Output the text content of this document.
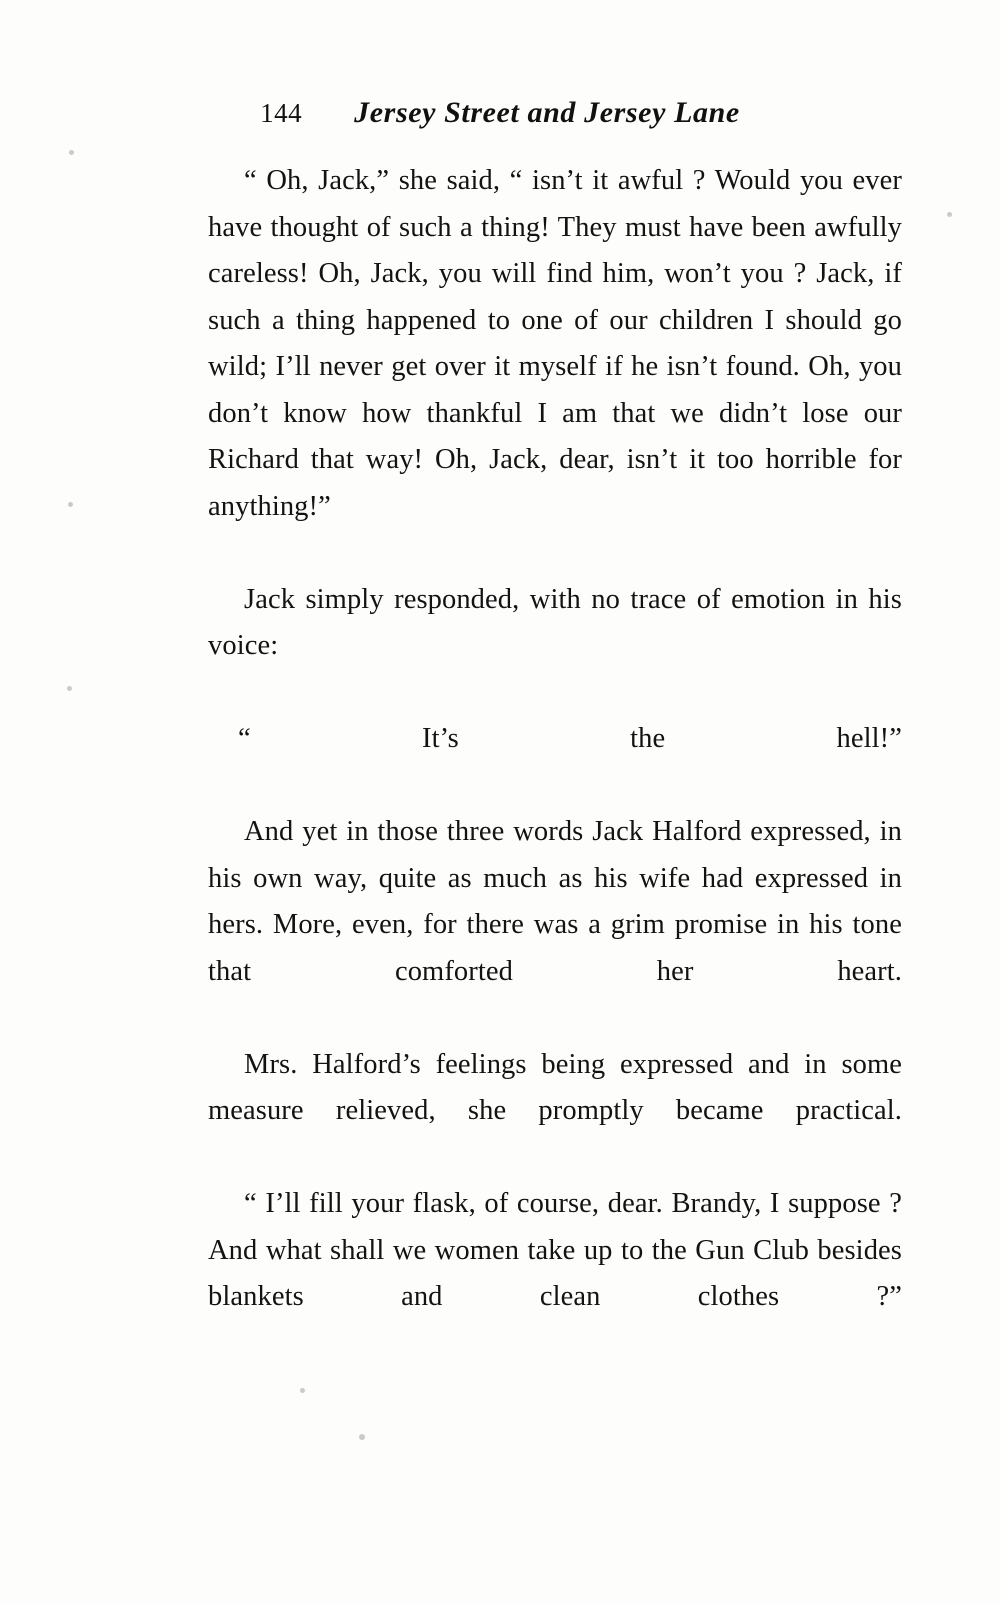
144 Jersey Street and Jersey Lane

“ Oh, Jack,” she said, “ isn’t it awful ? Would you ever have thought of such a thing! They must have been awfully careless! Oh, Jack, you will find him, won’t you ? Jack, if such a thing happened to one of our children I should go wild; I’ll never get over it myself if he isn’t found. Oh, you don’t know how thankful I am that we didn’t lose our Richard that way! Oh, Jack, dear, isn’t it too horrible for anything!”

Jack simply responded, with no trace of emotion in his voice:

“ It’s the hell!”

And yet in those three words Jack Halford expressed, in his own way, quite as much as his wife had expressed in hers. More, even, for there was a grim promise in his tone that comforted her heart.

Mrs. Halford’s feelings being expressed and in some measure relieved, she promptly became practical.

“ I’ll fill your flask, of course, dear. Brandy, I suppose ? And what shall we women take up to the Gun Club besides blankets and clean clothes ?”
